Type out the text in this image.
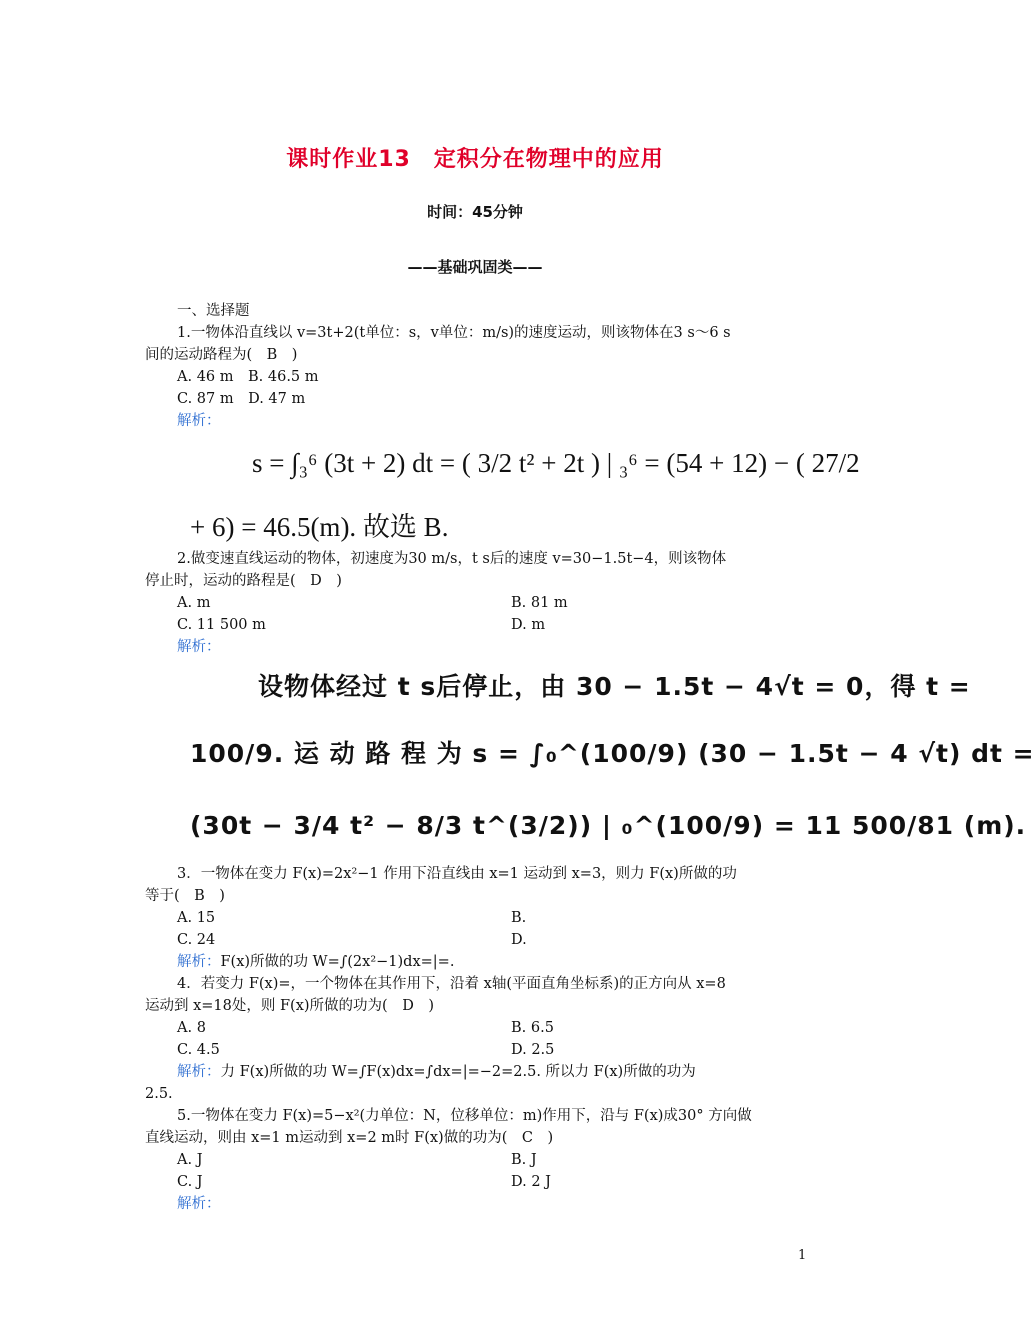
课时作业13　定积分在物理中的应用
时间：45分钟
——基础巩固类——
一、选择题
1.一物体沿直线以 v=3t+2(t单位：s，v单位：m/s)的速度运动，则该物体在3 s～6 s
间的运动路程为(　B　)
A. 46 m　B. 46.5 m
C. 87 m　D. 47 m
解析：
s = ∫₃⁶ (3t + 2) dt = ( 3/2 t² + 2t ) | ₃⁶ = (54 + 12) − ( 27/2
+ 6) = 46.5(m). 故选 B.
2.做变速直线运动的物体，初速度为30 m/s，t s后的速度 v=30−1.5t−4，则该物体
停止时，运动的路程是(　D　)
A. m	B. 81 m
C. 11 500 m	D. m
解析：
设物体经过 t s后停止，由 30 − 1.5t − 4√t = 0，得 t =
100/9. 运 动 路 程 为 s = ∫₀^(100/9) (30 − 1.5t − 4 √t) dt =
(30t − 3/4 t² − 8/3 t^(3/2)) | ₀^(100/9) = 11 500/81 (m).
3．一物体在变力 F(x)=2x²−1 作用下沿直线由 x=1 运动到 x=3，则力 F(x)所做的功
等于(　B　)
A. 15	B.
C. 24	D.
解析：F(x)所做的功 W=∫(2x²−1)dx=|=.
4．若变力 F(x)=，一个物体在其作用下，沿着 x轴(平面直角坐标系)的正方向从 x=8
运动到 x=18处，则 F(x)所做的功为(　D　)
A. 8	B. 6.5
C. 4.5	D. 2.5
解析：力 F(x)所做的功 W=∫F(x)dx=∫dx=|=−2=2.5. 所以力 F(x)所做的功为
2.5.
5.一物体在变力 F(x)=5−x²(力单位：N，位移单位：m)作用下，沿与 F(x)成30° 方向做
直线运动，则由 x=1 m运动到 x=2 m时 F(x)做的功为(　C　)
A. J	B. J
C. J	D. 2 J
解析：
1
